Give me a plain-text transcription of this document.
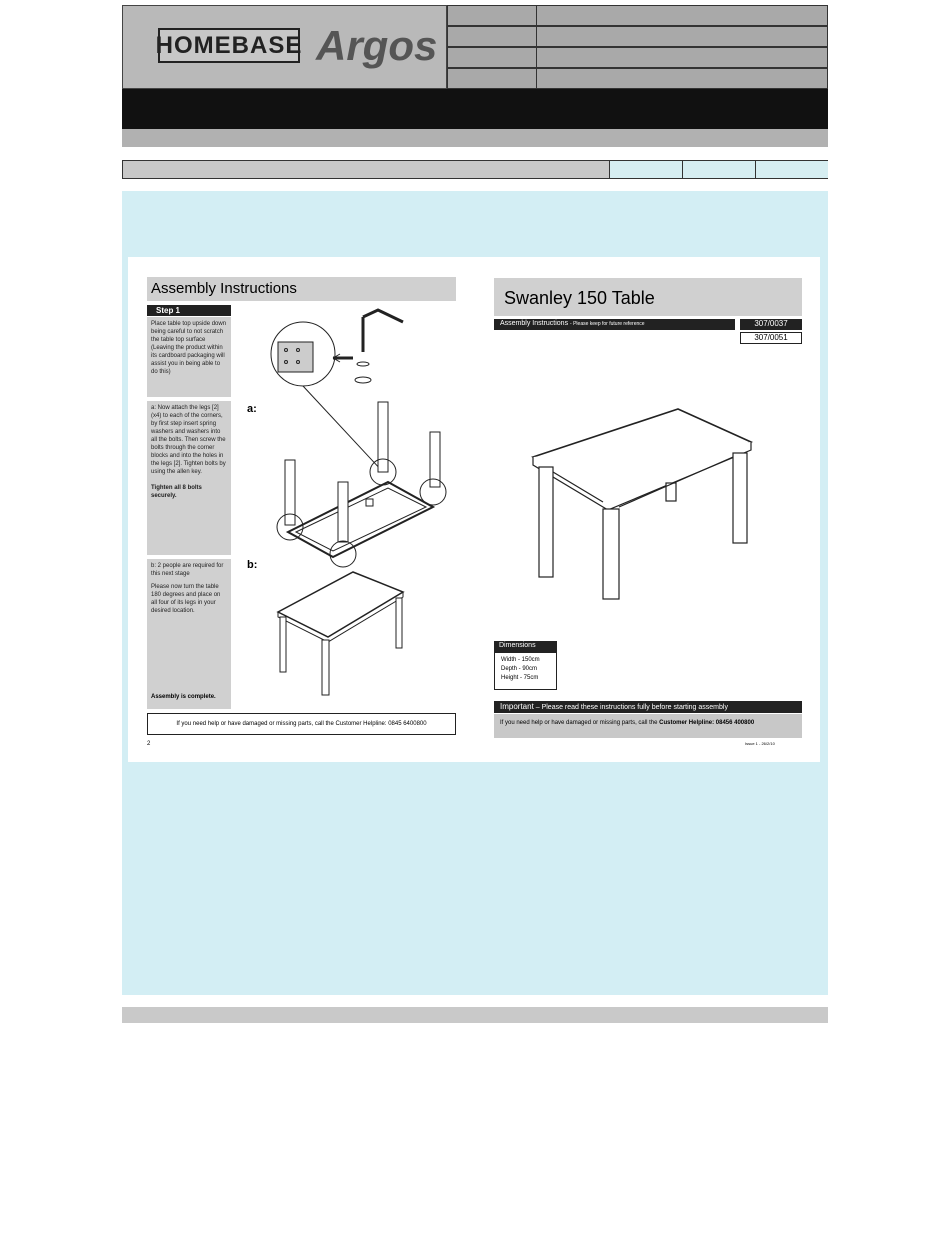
HOMEBASE Argos
Assembly Instructions
Step 1
Place table top upside down being careful to not scratch the table top surface (Leaving the product within its cardboard packaging will assist you in being able to do this)
a: Now attach the legs [2] (x4) to each of the corners, by first step insert spring washers and washers into all the bolts. Then screw the bolts through the corner blocks and into the holes in the legs [2]. Tighten bolts by using the allen key.
Tighten all 8 bolts securely.
b: 2 people are required for this next stage
Please now turn the table 180 degrees and place on all four of its legs in your desired location.
Assembly is complete.
a:
b:
If you need help or have damaged or missing parts, call the Customer Helpline: 0845 6400800
2
Swanley 150 Table
Assembly Instructions - Please keep for future reference	307/0037
307/0051
Dimensions
Width - 150cm
Depth - 90cm
Height - 75cm
Important – Please read these instructions fully before starting assembly
If you need help or have damaged or missing parts, call the Customer Helpline: 08456 400800
Issue 1 - 26/2/10
